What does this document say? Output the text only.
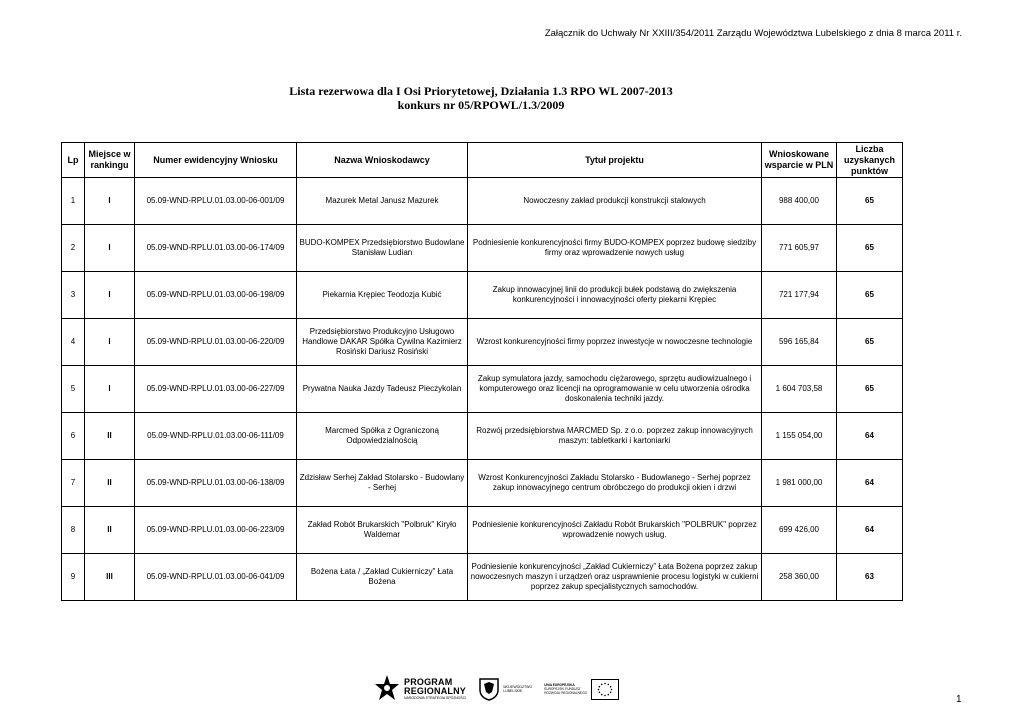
Załącznik do Uchwały Nr XXIII/354/2011 Zarządu Województwa Lubelskiego z dnia 8 marca 2011 r.
Lista rezerwowa dla I Osi Priorytetowej, Działania 1.3 RPO WL 2007-2013
konkurs nr 05/RPOWL/1.3/2009
Lp	Miejsce w rankingu	Numer ewidencyjny Wniosku	Nazwa Wnioskodawcy	Tytuł projektu	Wnioskowane wsparcie w PLN	Liczba uzyskanych punktów
1	I	05.09-WND-RPLU.01.03.00-06-001/09	Mazurek Metal Janusz Mazurek	Nowoczesny zakład produkcji konstrukcji stalowych	988 400,00	65
2	I	05.09-WND-RPLU.01.03.00-06-174/09	BUDO-KOMPEX Przedsiębiorstwo Budowlane Stanisław Ludian	Podniesienie konkurencyjności firmy BUDO-KOMPEX poprzez budowę siedziby firmy oraz wprowadzenie nowych usług	771 605,97	65
3	I	05.09-WND-RPLU.01.03.00-06-198/09	Piekarnia Krępiec Teodozja Kubić	Zakup innowacyjnej linii do produkcji bułek podstawą do zwiększenia konkurencyjności i innowacyjności oferty piekarni Krępiec	721 177,94	65
4	I	05.09-WND-RPLU.01.03.00-06-220/09	Przedsiębiorstwo Produkcyjno Usługowo Handlowe DAKAR Spółka Cywilna Kazimierz Rosiński Dariusz Rosiński	Wzrost konkurencyjności firmy poprzez inwestycje w nowoczesne technologie	596 165,84	65
5	I	05.09-WND-RPLU.01.03.00-06-227/09	Prywatna Nauka Jazdy Tadeusz Pieczykolan	Zakup symulatora jazdy, samochodu ciężarowego, sprzętu audiowizualnego i komputerowego oraz licencji na oprogramowanie w celu utworzenia ośrodka doskonalenia techniki jazdy.	1 604 703,58	65
6	II	05.09-WND-RPLU.01.03.00-06-111/09	Marcmed Spółka z Ograniczoną Odpowiedzialnością	Rozwój przedsiębiorstwa MARCMED Sp. z o.o. poprzez zakup innowacyjnych maszyn: tabletkarki i kartoniarki	1 155 054,00	64
7	II	05.09-WND-RPLU.01.03.00-06-138/09	Zdzisław Serhej Zakład Stolarsko - Budowlany - Serhej	Wzrost Konkurencyjności Zakładu Stolarsko - Budowlanego - Serhej poprzez zakup innowacyjnego centrum obróbczego do produkcji okien i drzwi	1 981 000,00	64
8	II	05.09-WND-RPLU.01.03.00-06-223/09	Zakład Robót Brukarskich "Polbruk" Kiryło Waldemar	Podniesienie konkurencyjności Zakładu Robót Brukarskich "POLBRUK" poprzez wprowadzenie nowych usług.	699 426,00	64
9	III	05.09-WND-RPLU.01.03.00-06-041/09	Bożena Łata / „Zakład Cukierniczy” Łata Bożena	Podniesienie konkurencyjności „Zakład Cukierniczy” Łata Bożena poprzez zakup nowoczesnych maszyn i urządzeń oraz usprawnienie procesu logistyki w cukierni poprzez zakup specjalistycznych samochodów.	258 360,00	63
PROGRAM
REGIONALNY
NARODOWA STRATEGIA SPÓJNOŚCI
WOJEWÓDZTWO
LUBELSKIE
UNIA EUROPEJSKA
EUROPEJSKI FUNDUSZ
ROZWOJU REGIONALNEGO
1
